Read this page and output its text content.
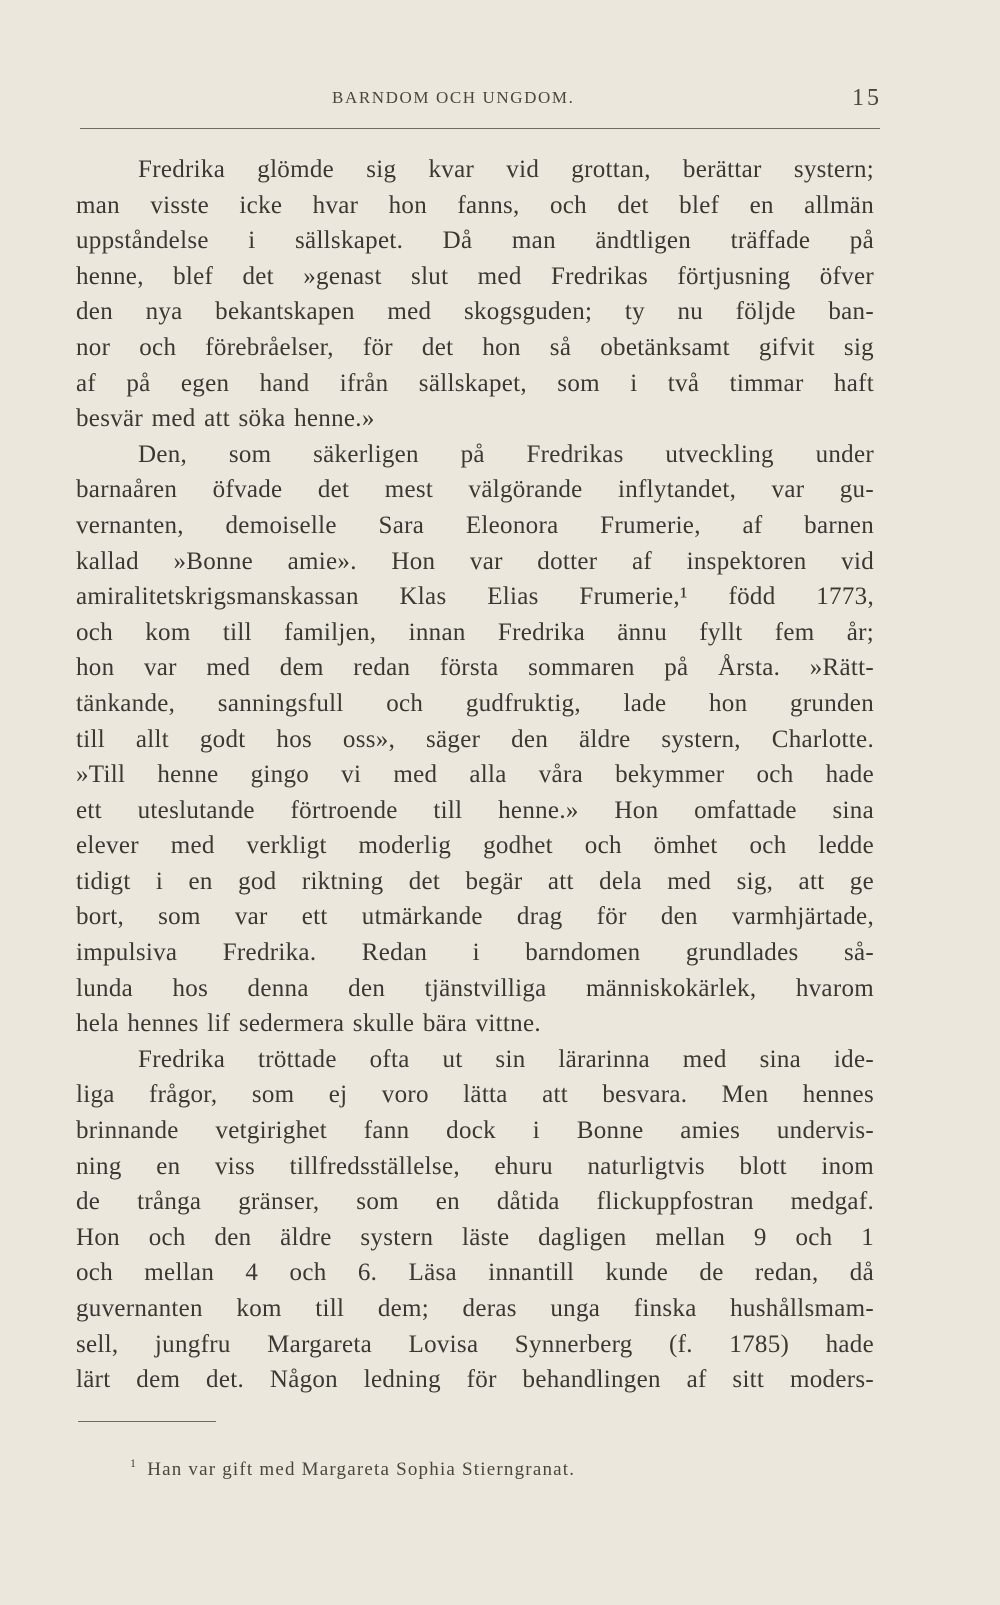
BARNDOM OCH UNGDOM.	15
Fredrika glömde sig kvar vid grottan, berättar systern;
man visste icke hvar hon fanns, och det blef en allmän
uppståndelse i sällskapet. Då man ändtligen träffade på
henne, blef det »genast slut med Fredrikas förtjusning öfver
den nya bekantskapen med skogsguden; ty nu följde ban-
nor och förebråelser, för det hon så obetänksamt gifvit sig
af på egen hand ifrån sällskapet, som i två timmar haft
besvär med att söka henne.»
Den, som säkerligen på Fredrikas utveckling under
barnaåren öfvade det mest välgörande inflytandet, var gu-
vernanten, demoiselle Sara Eleonora Frumerie, af barnen
kallad »Bonne amie». Hon var dotter af inspektoren vid
amiralitetskrigsmanskassan Klas Elias Frumerie,¹ född 1773,
och kom till familjen, innan Fredrika ännu fyllt fem år;
hon var med dem redan första sommaren på Årsta. »Rätt-
tänkande, sanningsfull och gudfruktig, lade hon grunden
till allt godt hos oss», säger den äldre systern, Charlotte.
»Till henne gingo vi med alla våra bekymmer och hade
ett uteslutande förtroende till henne.» Hon omfattade sina
elever med verkligt moderlig godhet och ömhet och ledde
tidigt i en god riktning det begär att dela med sig, att ge
bort, som var ett utmärkande drag för den varmhjärtade,
impulsiva Fredrika. Redan i barndomen grundlades så-
lunda hos denna den tjänstvilliga människokärlek, hvarom
hela hennes lif sedermera skulle bära vittne.
Fredrika tröttade ofta ut sin lärarinna med sina ide-
liga frågor, som ej voro lätta att besvara. Men hennes
brinnande vetgirighet fann dock i Bonne amies undervis-
ning en viss tillfredsställelse, ehuru naturligtvis blott inom
de trånga gränser, som en dåtida flickuppfostran medgaf.
Hon och den äldre systern läste dagligen mellan 9 och 1
och mellan 4 och 6. Läsa innantill kunde de redan, då
guvernanten kom till dem; deras unga finska hushållsmam-
sell, jungfru Margareta Lovisa Synnerberg (f. 1785) hade
lärt dem det. Någon ledning för behandlingen af sitt moders-
$^1$ Han var gift med Margareta Sophia Stierngranat.
